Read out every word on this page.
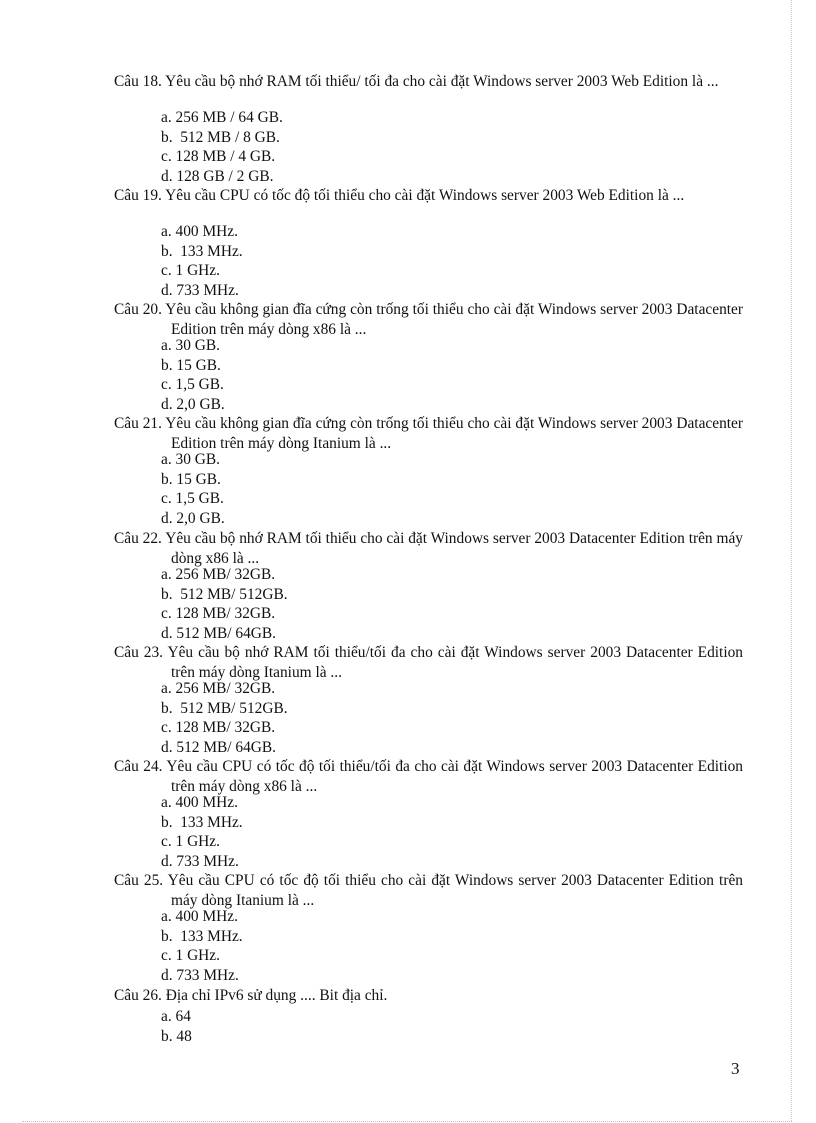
Câu 18. Yêu cầu bộ nhớ RAM tối thiểu/ tối đa cho cài đặt Windows server 2003 Web Edition là ...
a. 256 MB / 64 GB.
b.  512 MB / 8 GB.
c. 128 MB / 4 GB.
d. 128 GB / 2 GB.
Câu 19. Yêu cầu CPU có tốc độ tối thiểu cho cài đặt Windows server 2003 Web Edition là ...
a. 400 MHz.
b.  133 MHz.
c. 1 GHz.
d. 733 MHz.
Câu 20. Yêu cầu không gian đĩa cứng còn trống tối thiểu cho cài đặt Windows server 2003 Datacenter Edition trên máy dòng x86 là ...
a. 30 GB.
b. 15 GB.
c. 1,5 GB.
d. 2,0 GB.
Câu 21. Yêu cầu không gian đĩa cứng còn trống tối thiểu cho cài đặt Windows server 2003 Datacenter Edition trên máy dòng Itanium là ...
a. 30 GB.
b. 15 GB.
c. 1,5 GB.
d. 2,0 GB.
Câu 22. Yêu cầu bộ nhớ RAM tối thiểu cho cài đặt Windows server 2003 Datacenter Edition trên máy dòng x86 là ...
a. 256 MB/ 32GB.
b.  512 MB/ 512GB.
c. 128 MB/ 32GB.
d. 512 MB/ 64GB.
Câu 23. Yêu cầu bộ nhớ RAM tối thiểu/tối đa cho cài đặt Windows server 2003 Datacenter Edition trên máy dòng Itanium là ...
a. 256 MB/ 32GB.
b.  512 MB/ 512GB.
c. 128 MB/ 32GB.
d. 512 MB/ 64GB.
Câu 24. Yêu cầu CPU có tốc độ tối thiểu/tối đa cho cài đặt Windows server 2003 Datacenter Edition trên máy dòng x86 là ...
a. 400 MHz.
b.  133 MHz.
c. 1 GHz.
d. 733 MHz.
Câu 25. Yêu cầu CPU có tốc độ tối thiểu cho cài đặt Windows server 2003 Datacenter Edition trên máy dòng Itanium là ...
a. 400 MHz.
b.  133 MHz.
c. 1 GHz.
d. 733 MHz.
Câu 26. Địa chỉ IPv6 sử dụng .... Bit địa chỉ.
a. 64
b. 48
3
